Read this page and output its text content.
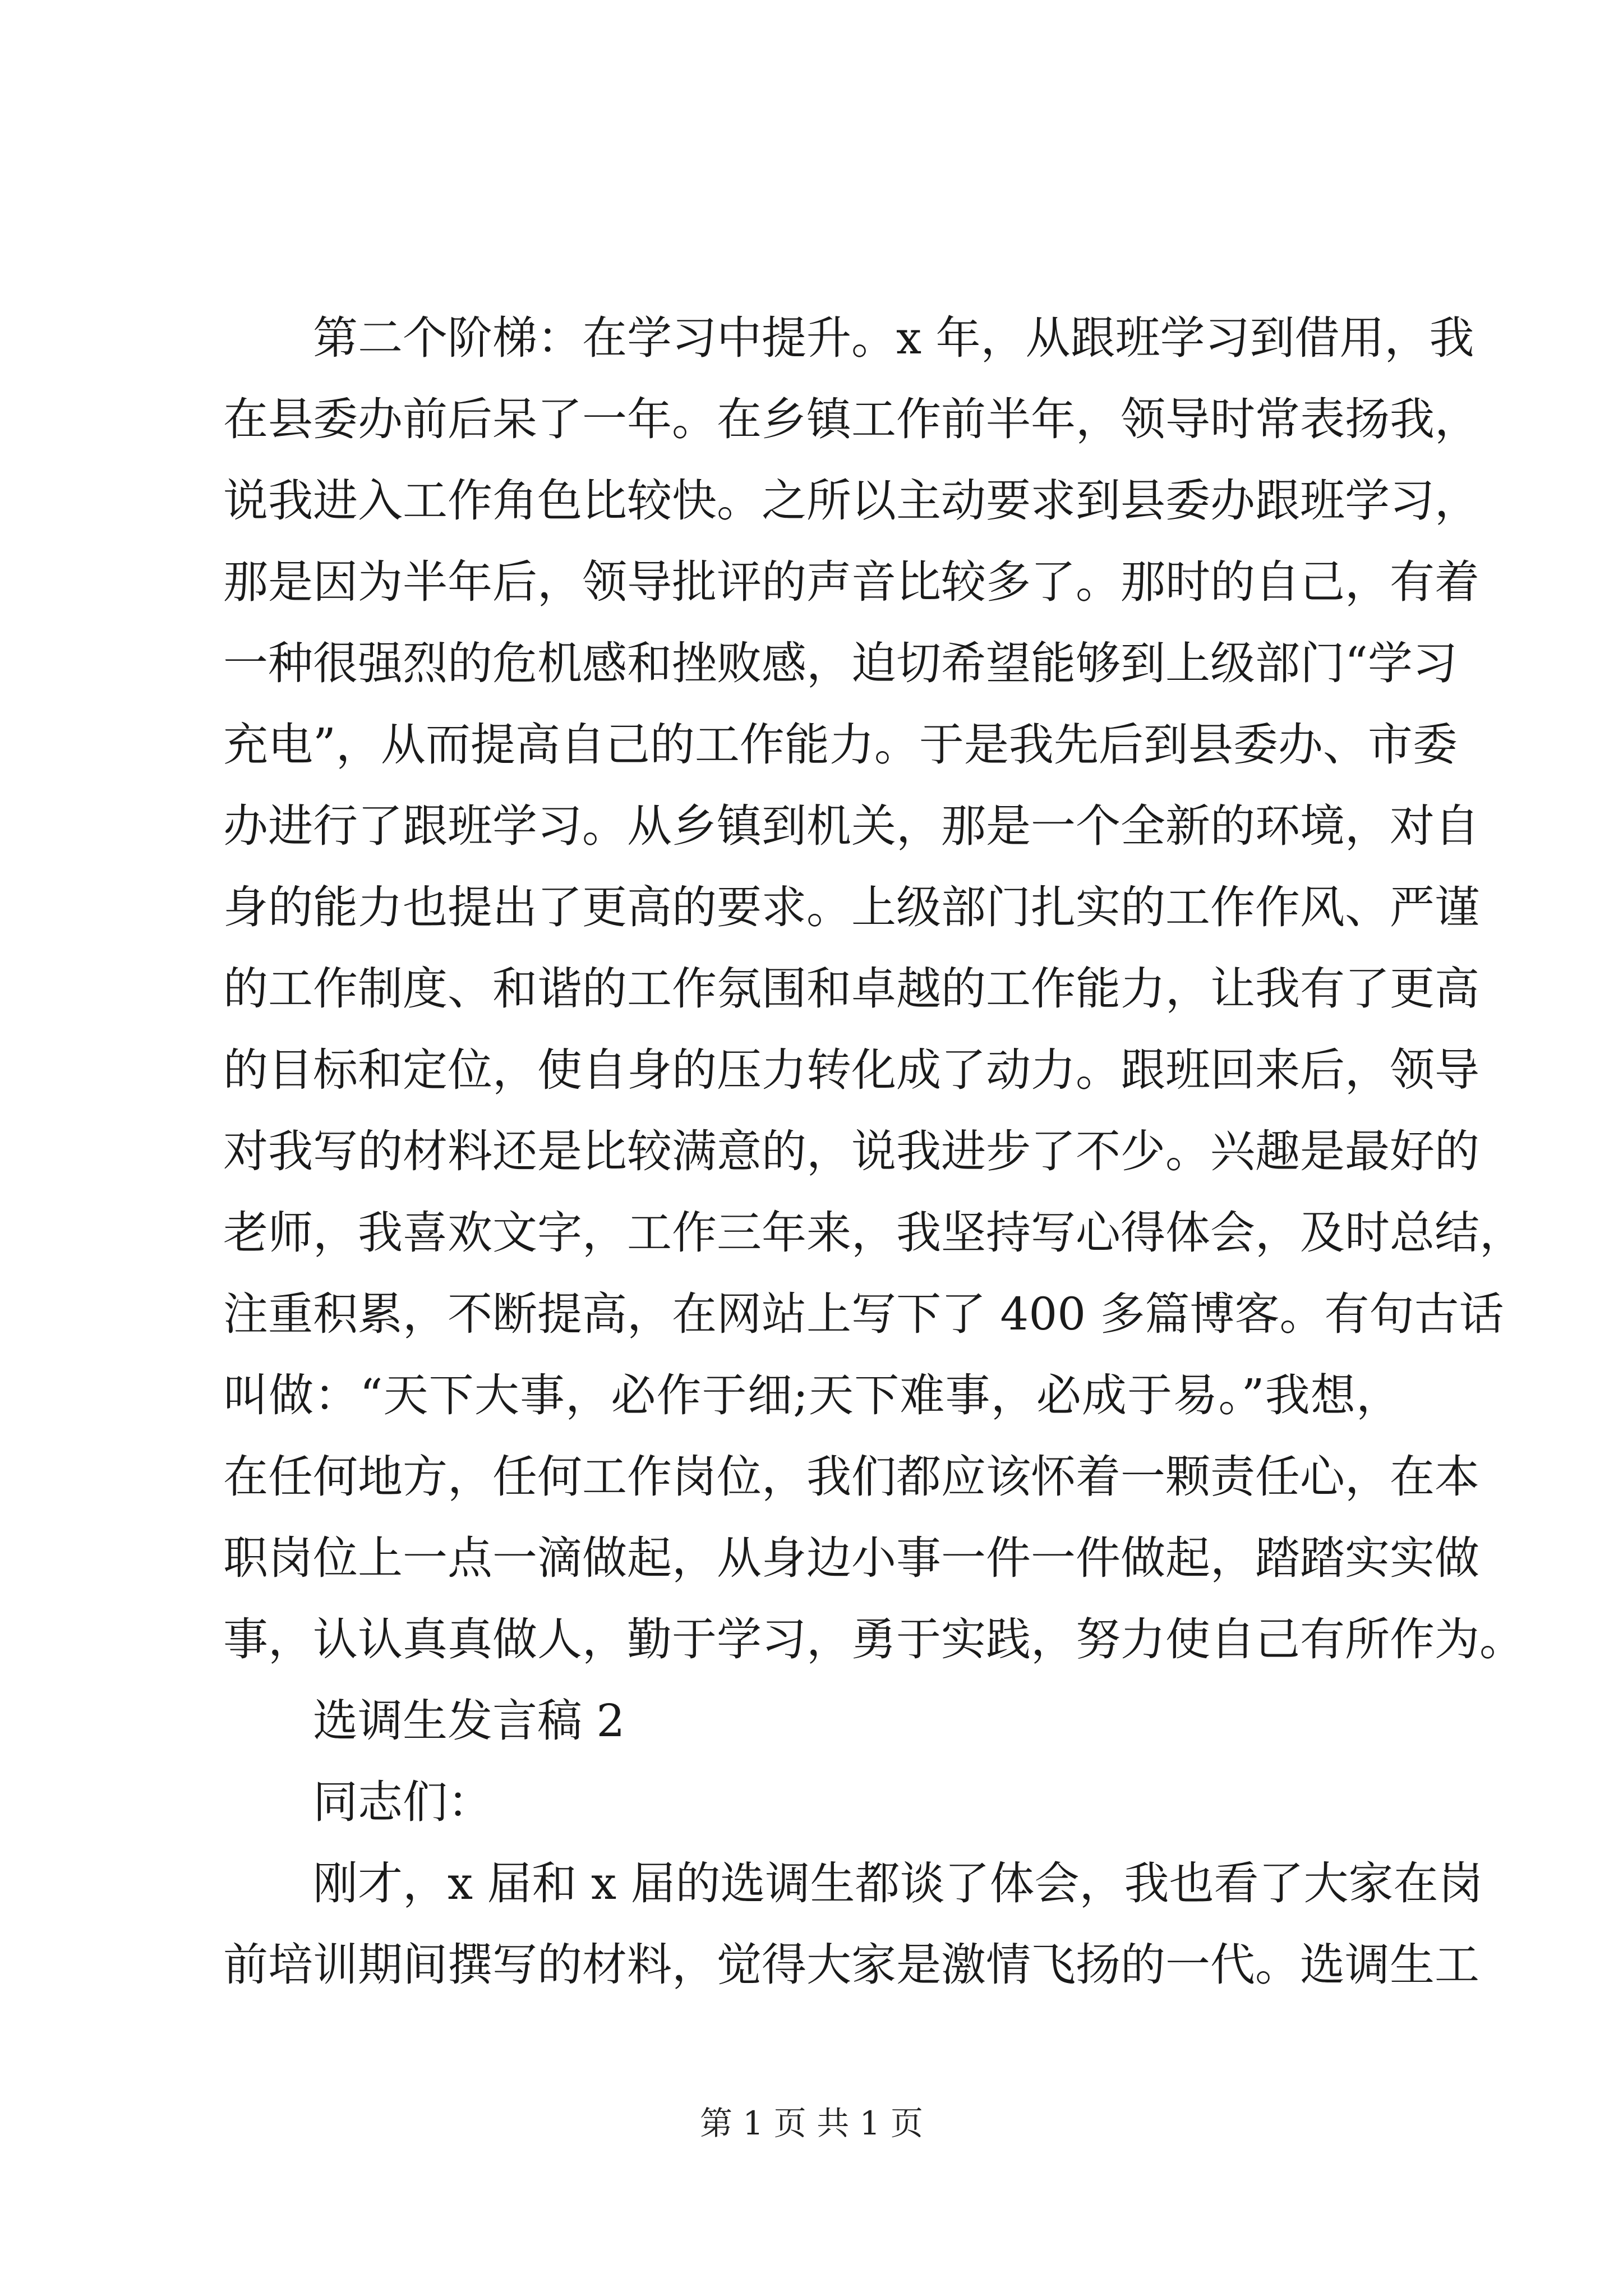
第二个阶梯：在学习中提升。x 年，从跟班学习到借用，我
在县委办前后呆了一年。在乡镇工作前半年，领导时常表扬我，
说我进入工作角色比较快。之所以主动要求到县委办跟班学习，
那是因为半年后，领导批评的声音比较多了。那时的自己，有着
一种很强烈的危机感和挫败感，迫切希望能够到上级部门“学习
充电”，从而提高自己的工作能力。于是我先后到县委办、市委
办进行了跟班学习。从乡镇到机关，那是一个全新的环境，对自
身的能力也提出了更高的要求。上级部门扎实的工作作风、严谨
的工作制度、和谐的工作氛围和卓越的工作能力，让我有了更高
的目标和定位，使自身的压力转化成了动力。跟班回来后，领导
对我写的材料还是比较满意的，说我进步了不少。兴趣是最好的
老师，我喜欢文字，工作三年来，我坚持写心得体会，及时总结，
注重积累，不断提高，在网站上写下了 400 多篇博客。有句古话
叫做：“天下大事，必作于细;天下难事，必成于易。”我想，
在任何地方，任何工作岗位，我们都应该怀着一颗责任心，在本
职岗位上一点一滴做起，从身边小事一件一件做起，踏踏实实做
事，认认真真做人，勤于学习，勇于实践，努力使自己有所作为。
选调生发言稿 2
同志们：
刚才，x 届和 x 届的选调生都谈了体会，我也看了大家在岗
前培训期间撰写的材料，觉得大家是激情飞扬的一代。选调生工
第 1 页 共 1 页
